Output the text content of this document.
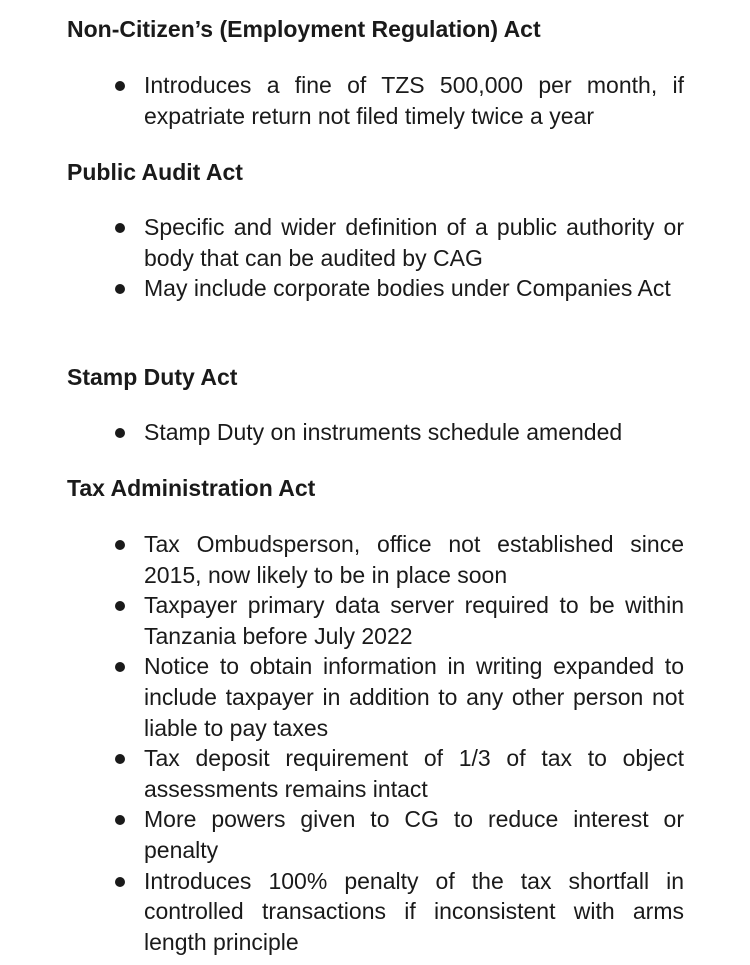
Non-Citizen’s (Employment Regulation) Act
Introduces a fine of TZS 500,000 per month, if expatriate return not filed timely twice a year
Public Audit Act
Specific and wider definition of a public authority or body that can be audited by CAG
May include corporate bodies under Companies Act
Stamp Duty Act
Stamp Duty on instruments schedule amended
Tax Administration Act
Tax Ombudsperson, office not established since 2015, now likely to be in place soon
Taxpayer primary data server required to be within Tanzania before July 2022
Notice to obtain information in writing expanded to include taxpayer in addition to any other person not liable to pay taxes
Tax deposit requirement of 1/3 of tax to object assessments remains intact
More powers given to CG to reduce interest or penalty
Introduces 100% penalty of the tax shortfall in controlled transactions if inconsistent with arms length principle
